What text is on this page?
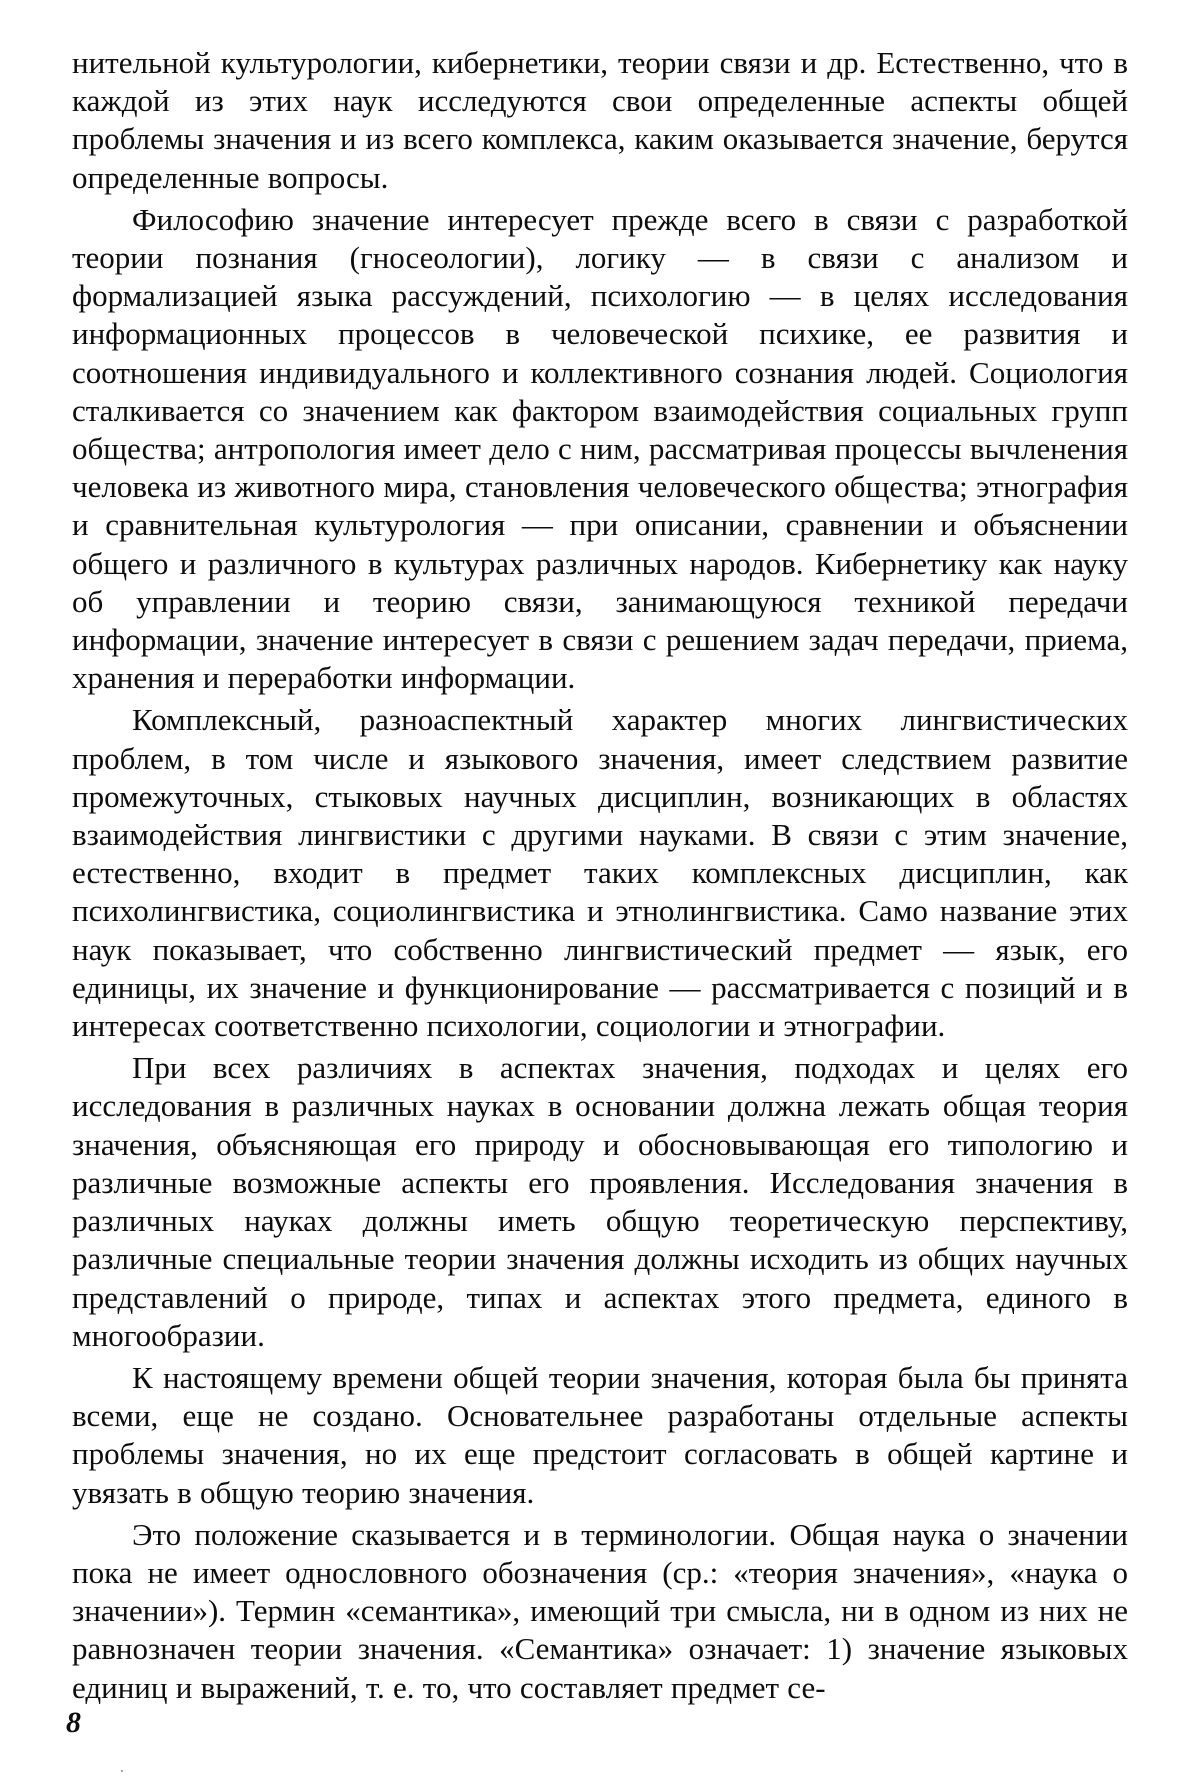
нительной культурологии, кибернетики, теории связи и др. Естественно, что в каждой из этих наук исследуются свои определенные аспекты общей проблемы значения и из всего комплекса, каким оказывается значение, берутся определенные вопросы.

Философию значение интересует прежде всего в связи с разработкой теории познания (гносеологии), логику — в связи с анализом и формализацией языка рассуждений, психологию — в целях исследования информационных процессов в человеческой психике, ее развития и соотношения индивидуального и коллективного сознания людей. Социология сталкивается со значением как фактором взаимодействия социальных групп общества; антропология имеет дело с ним, рассматривая процессы вычленения человека из животного мира, становления человеческого общества; этнография и сравнительная культурология — при описании, сравнении и объяснении общего и различного в культурах различных народов. Кибернетику как науку об управлении и теорию связи, занимающуюся техникой передачи информации, значение интересует в связи с решением задач передачи, приема, хранения и переработки информации.

Комплексный, разноаспектный характер многих лингвистических проблем, в том числе и языкового значения, имеет следствием развитие промежуточных, стыковых научных дисциплин, возникающих в областях взаимодействия лингвистики с другими науками. В связи с этим значение, естественно, входит в предмет таких комплексных дисциплин, как психолингвистика, социолингвистика и этнолингвистика. Само название этих наук показывает, что собственно лингвистический предмет — язык, его единицы, их значение и функционирование — рассматривается с позиций и в интересах соответственно психологии, социологии и этнографии.

При всех различиях в аспектах значения, подходах и целях его исследования в различных науках в основании должна лежать общая теория значения, объясняющая его природу и обосновывающая его типологию и различные возможные аспекты его проявления. Исследования значения в различных науках должны иметь общую теоретическую перспективу, различные специальные теории значения должны исходить из общих научных представлений о природе, типах и аспектах этого предмета, единого в многообразии.

К настоящему времени общей теории значения, которая была бы принята всеми, еще не создано. Основательнее разработаны отдельные аспекты проблемы значения, но их еще предстоит согласовать в общей картине и увязать в общую теорию значения.

Это положение сказывается и в терминологии. Общая наука о значении пока не имеет однословного обозначения (ср.: «теория значения», «наука о значении»). Термин «семантика», имеющий три смысла, ни в одном из них не равнозначен теории значения. «Семантика» означает: 1) значение языковых единиц и выражений, т. е. то, что составляет предмет се-

8
